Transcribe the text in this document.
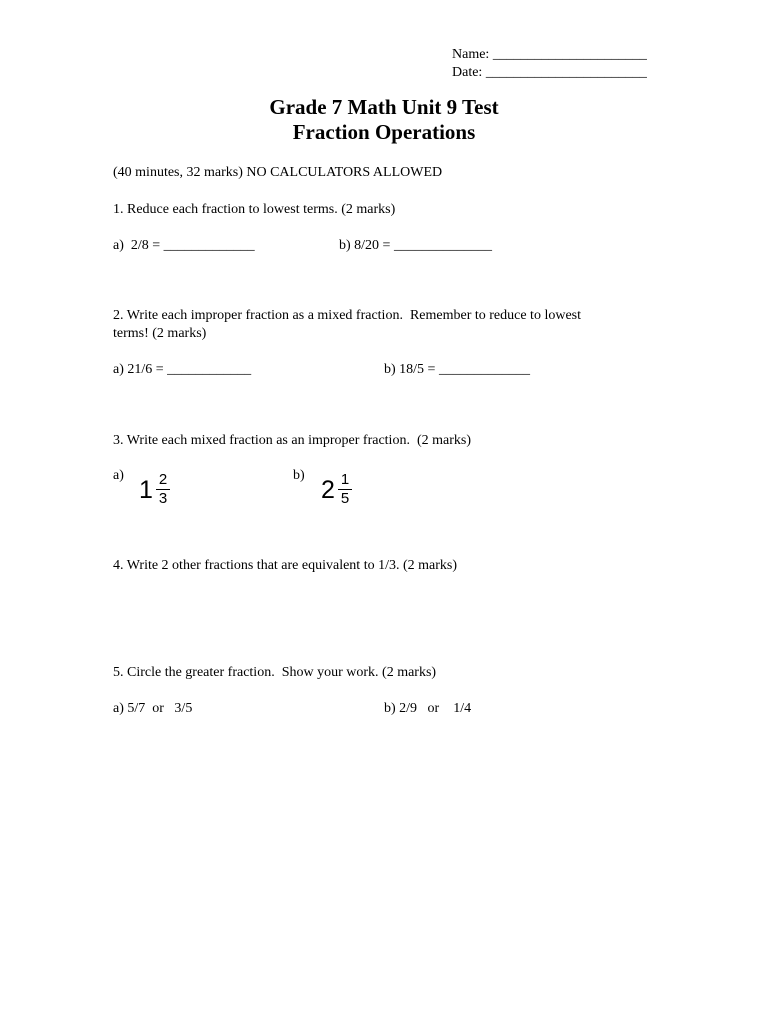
Name: ______________________
Date: _______________________
Grade 7 Math Unit 9 Test
Fraction Operations
(40 minutes, 32 marks) NO CALCULATORS ALLOWED
1. Reduce each fraction to lowest terms. (2 marks)
a)  2/8 = _____________	b) 8/20 = ______________
2. Write each improper fraction as a mixed fraction.  Remember to reduce to lowest
terms! (2 marks)
a) 21/6 = ____________	b) 18/5 = _____________
3. Write each mixed fraction as an improper fraction.  (2 marks)
a)
1 2
3
b)
2 1
5
4. Write 2 other fractions that are equivalent to 1/3. (2 marks)
5. Circle the greater fraction.  Show your work. (2 marks)
a) 5/7  or   3/5	b) 2/9   or    1/4
